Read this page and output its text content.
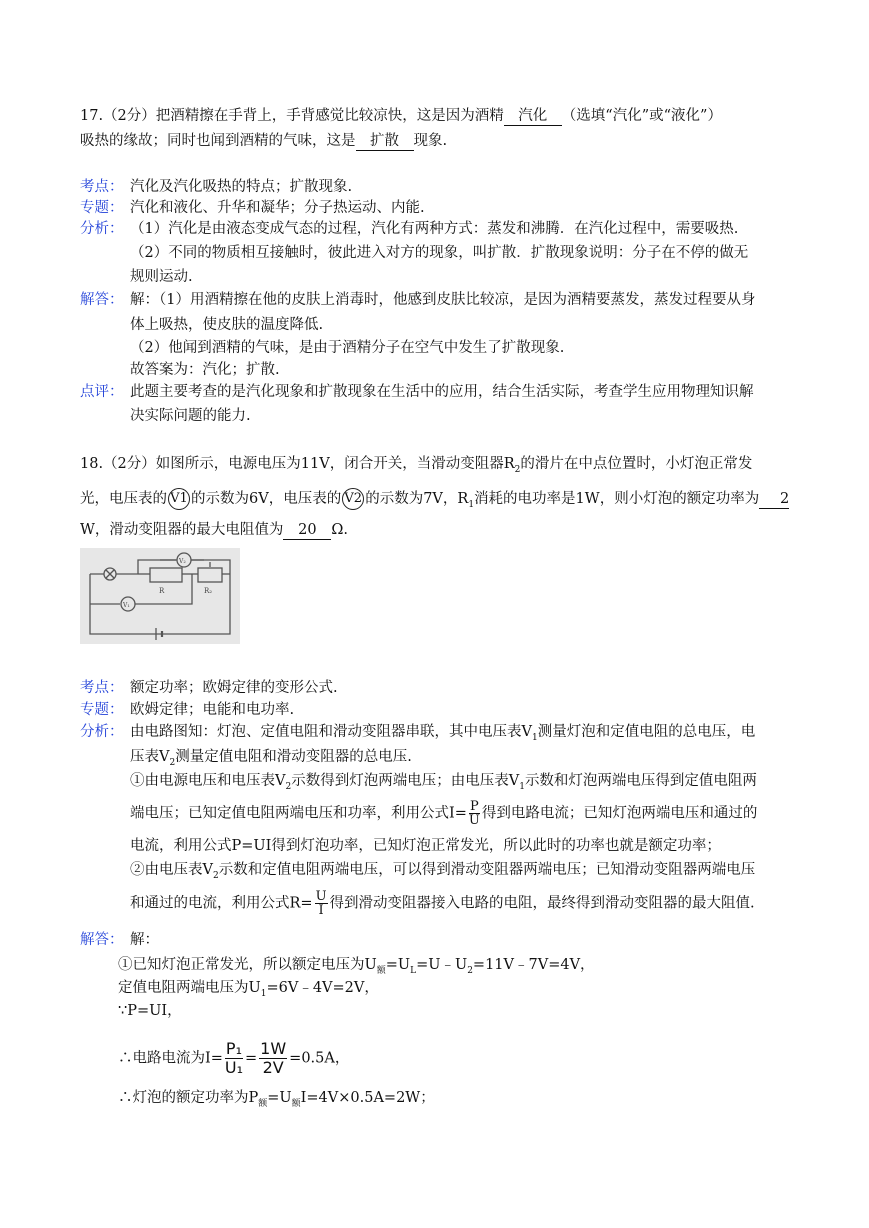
17.（2分）把酒精擦在手背上，手背感觉比较凉快，这是因为酒精 汽化 （选填“汽化”或“液化”）
吸热的缘故；同时也闻到酒精的气味，这是 扩散 现象.
考点： 汽化及汽化吸热的特点；扩散现象.
专题： 汽化和液化、升华和凝华；分子热运动、内能.
分析： （1）汽化是由液态变成气态的过程，汽化有两种方式：蒸发和沸腾．在汽化过程中，需要吸热.
（2）不同的物质相互接触时，彼此进入对方的现象，叫扩散．扩散现象说明：分子在不停的做无
规则运动.
解答： 解：（1）用酒精擦在他的皮肤上消毒时，他感到皮肤比较凉，是因为酒精要蒸发，蒸发过程要从身
体上吸热，使皮肤的温度降低.
（2）他闻到酒精的气味，是由于酒精分子在空气中发生了扩散现象.
故答案为：汽化；扩散.
点评： 此题主要考查的是汽化现象和扩散现象在生活中的应用，结合生活实际，考查学生应用物理知识解
决实际问题的能力.
18.（2分）如图所示，电源电压为11V，闭合开关，当滑动变阻器$R_2$的滑片在中点位置时，小灯泡正常发
光，电压表的 V1 的示数为6V，电压表的 V2 的示数为7V，$R_1$消耗的电功率是1W，则小灯泡的额定功率为 2
W，滑动变阻器的最大电阻值为 20 Ω.
R	R₂
V₁
V₂
考点： 额定功率；欧姆定律的变形公式.
专题： 欧姆定律；电能和电功率.
分析： 由电路图知：灯泡、定值电阻和滑动变阻器串联，其中电压表$V_1$测量灯泡和定值电阻的总电压，电
压表$V_2$测量定值电阻和滑动变阻器的总电压.
①由电源电压和电压表$V_2$示数得到灯泡两端电压；由电压表$V_1$示数和灯泡两端电压得到定值电阻两
端电压；已知定值电阻两端电压和功率，利用公式$I= \frac{P}{U}$ 得到电路电流；已知灯泡两端电压和通过的
电流，利用公式P=UI得到灯泡功率，已知灯泡正常发光，所以此时的功率也就是额定功率；
②由电压表$V_2$示数和定值电阻两端电压，可以得到滑动变阻器两端电压；已知滑动变阻器两端电压
和通过的电流，利用公式$R= \frac{U}{I}$ 得到滑动变阻器接入电路的电阻，最终得到滑动变阻器的最大阻值.
解答： 解：
①已知灯泡正常发光，所以额定电压为$U_额=U_L=U﹣U_2=11V﹣7V=4V$，
定值电阻两端电压为$U_1=6V﹣4V=2V$，
∵P=UI，
∴电路电流为$I= \frac{\text{P₁}}{\text{U₁}} = \frac{1W}{2V} =0.5A$，
∴灯泡的额定功率为$P_额=U_额I=4V\times 0.5A=2W$；
